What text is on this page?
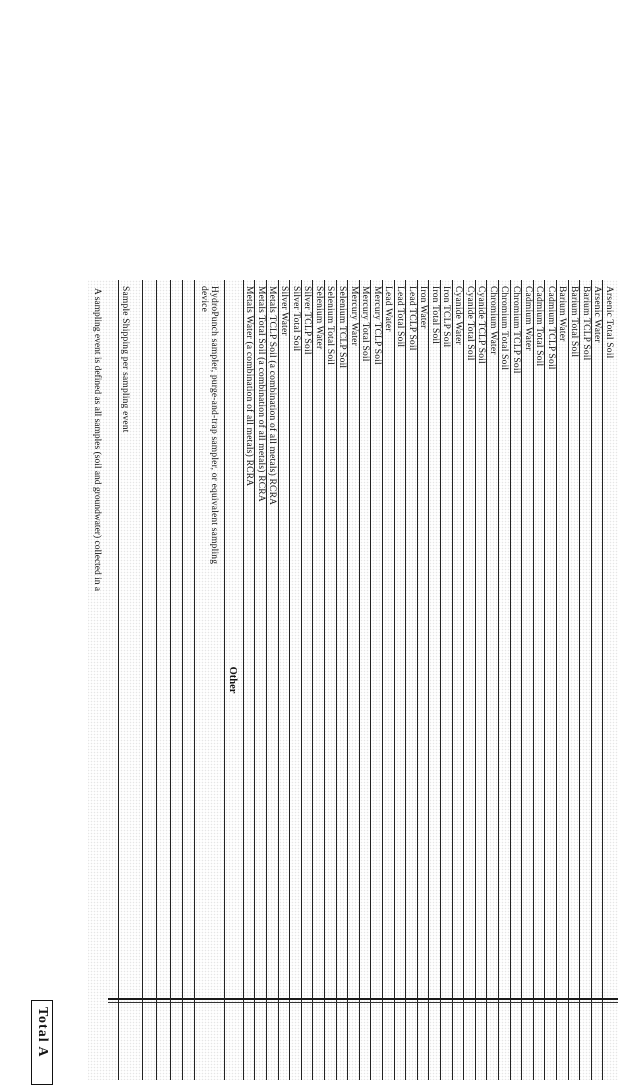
Arsenic Total Soil
Arsenic Water
Barium TCLP Soil
Barium Total Soil
Barium Water
Cadmium TCLP Soil
Cadmium Total Soil
Cadmium Water
Chromium TCLP Soil
Chromium Total Soil
Chromium Water
Cyanide TCLP Soil
Cyanide Total Soil
Cyanide Water
Iron TCLP Soil
Iron Total Soil
Iron Water
Lead TCLP Soil
Lead Total Soil
Lead Water
Mercury TCLP Soil
Mercury Total Soil
Mercury Water
Selenium TCLP Soil
Selenium Total Soil
Selenium Water
Silver TCLP Soil
Silver Total Soil
Silver Water
Metals TCLP Soil (a combination of all metals) RCRA
Metals Total Soil (a combination of all metals) RCRA
Metals Water (a combination of all metals) RCRA
Other
HydroPunch sampler, purge-and-trap sampler, or equivalent sampling device
Sample Shipping per sampling event
A sampling event is defined as all samples (soil and groundwater) collected in a
Total A
